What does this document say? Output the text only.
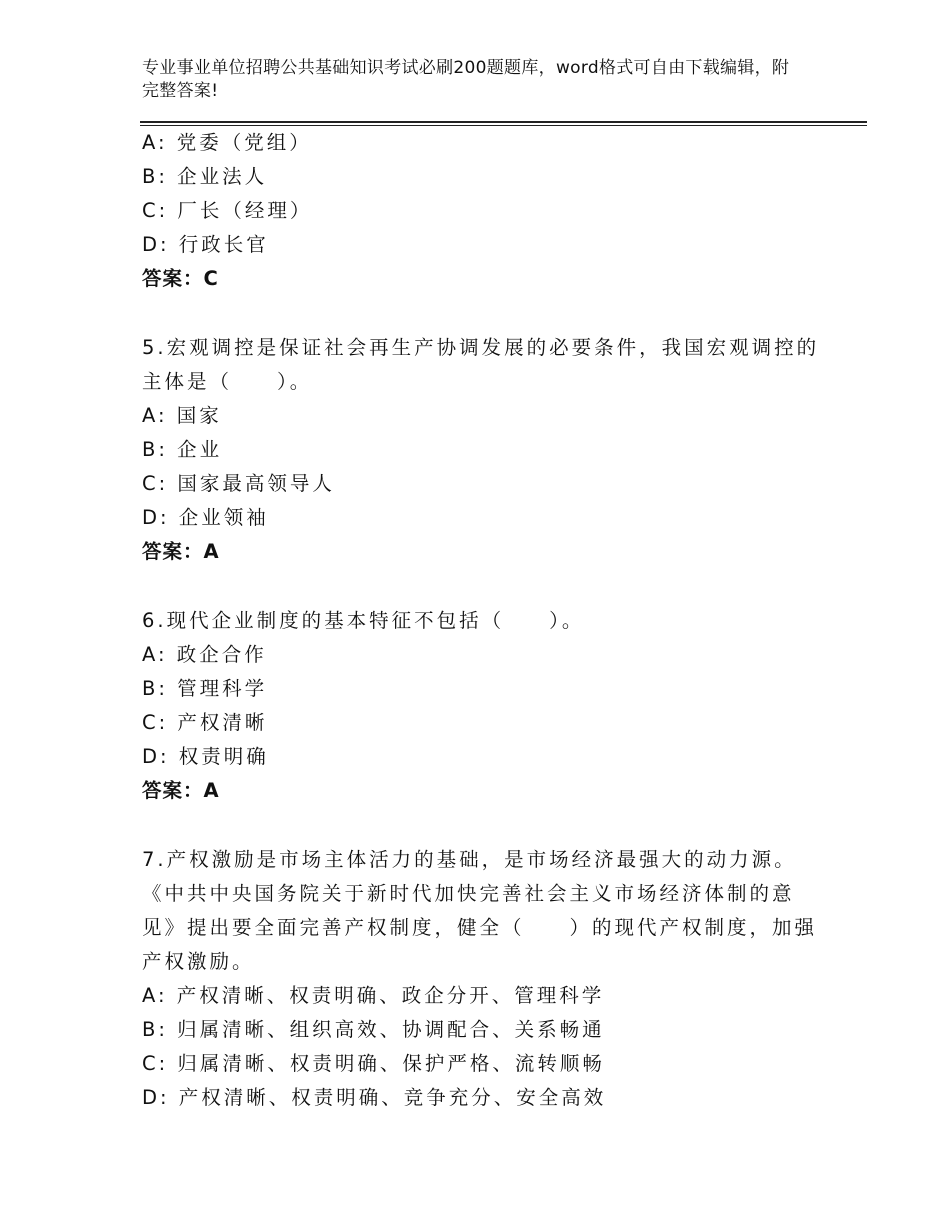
专业事业单位招聘公共基础知识考试必刷200题题库，word格式可自由下载编辑，附完整答案!
A: 党委（党组）
B: 企业法人
C: 厂长（经理）
D: 行政长官
答案：C
5.宏观调控是保证社会再生产协调发展的必要条件，我国宏观调控的
主体是（　　）。
A: 国家
B: 企业
C: 国家最高领导人
D: 企业领袖
答案：A
6.现代企业制度的基本特征不包括（　　）。
A: 政企合作
B: 管理科学
C: 产权清晰
D: 权责明确
答案：A
7.产权激励是市场主体活力的基础，是市场经济最强大的动力源。
《中共中央国务院关于新时代加快完善社会主义市场经济体制的意
见》提出要全面完善产权制度，健全（　　）的现代产权制度，加强
产权激励。
A: 产权清晰、权责明确、政企分开、管理科学
B: 归属清晰、组织高效、协调配合、关系畅通
C: 归属清晰、权责明确、保护严格、流转顺畅
D: 产权清晰、权责明确、竞争充分、安全高效
